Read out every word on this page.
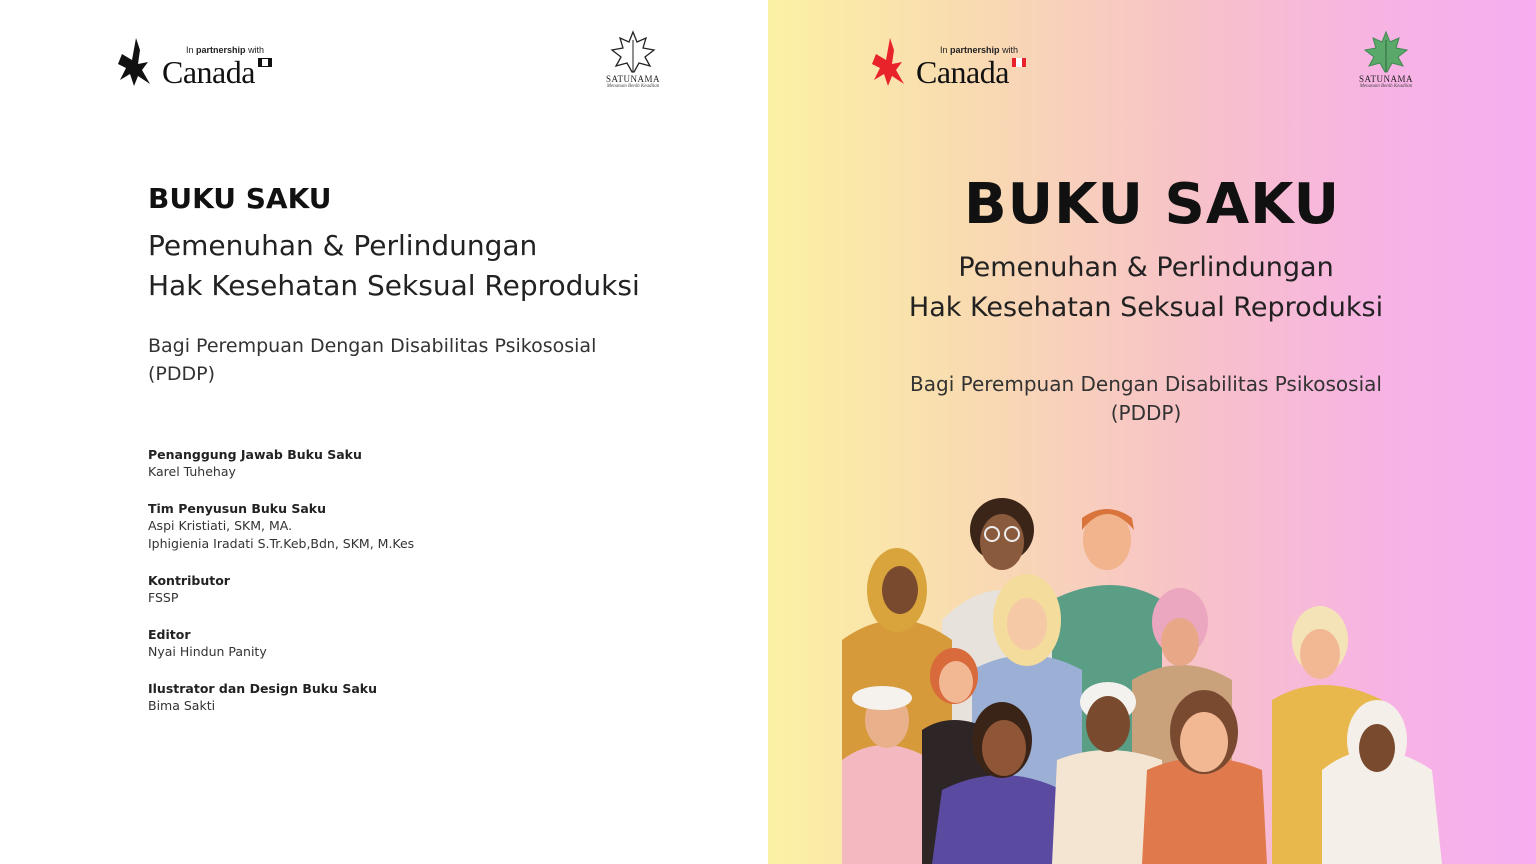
In partnership with
Canada	SATUNAMA
Menanam Benih Keadilan
BUKU SAKU
Pemenuhan & Perlindungan
Hak Kesehatan Seksual Reproduksi
Bagi Perempuan Dengan Disabilitas Psikososial
(PDDP)
Penanggung Jawab Buku Saku
Karel Tuhehay
Tim Penyusun Buku Saku
Aspi Kristiati, SKM, MA.
Iphigienia Iradati S.Tr.Keb,Bdn, SKM, M.Kes
Kontributor
FSSP
Editor
Nyai Hindun Panity
Ilustrator dan Design Buku Saku
Bima Sakti
In partnership with
Canada	SATUNAMA
Menanam Benih Keadilan
BUKU SAKU
Pemenuhan & Perlindungan
Hak Kesehatan Seksual Reproduksi
Bagi Perempuan Dengan Disabilitas Psikososial
(PDDP)
